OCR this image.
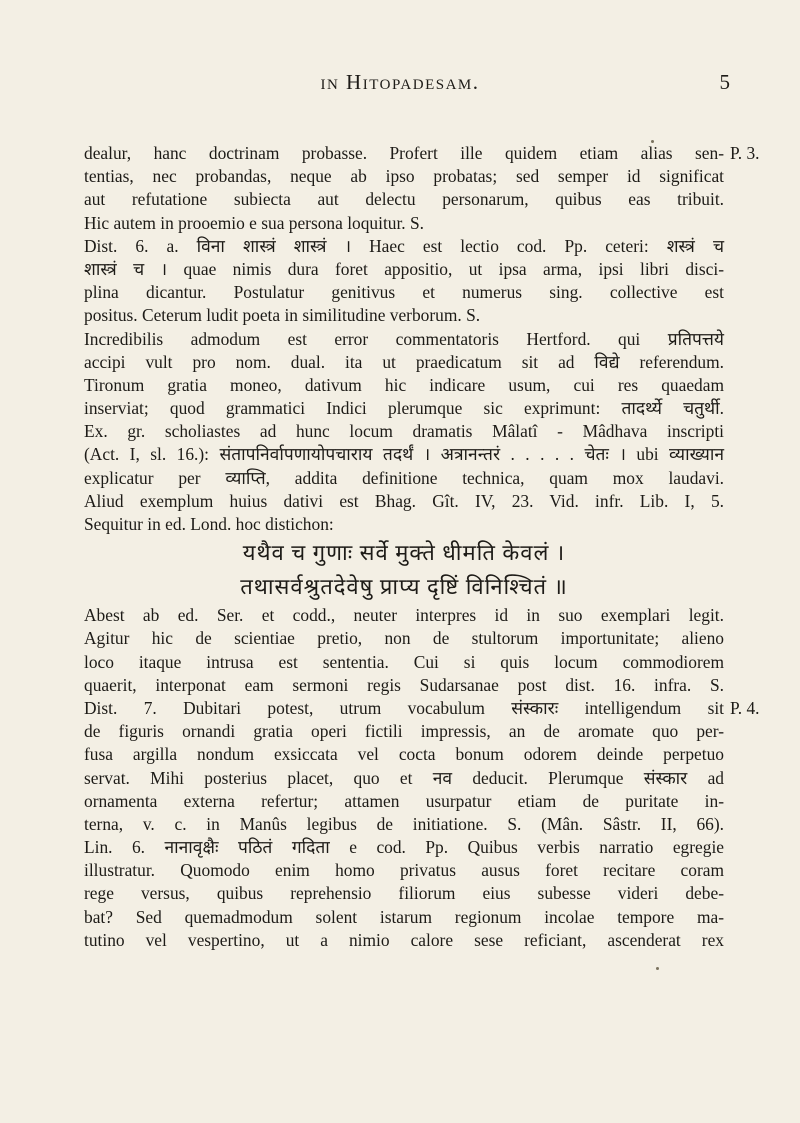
in Hitopadesam.	5
dealur, hanc doctrinam probasse. Profert ille quidem etiam alias sen- P. 3.
tentias, nec probandas, neque ab ipso probatas; sed semper id significat
aut refutatione subiecta aut delectu personarum, quibus eas tribuit.
Hic autem in prooemio e sua persona loquitur. S.
Dist. 6. a. विना शास्त्रं शास्त्रं । Haec est lectio cod. Pp. ceteri: शस्त्रं च
शास्त्रं च । quae nimis dura foret appositio, ut ipsa arma, ipsi libri disci-
plina dicantur. Postulatur genitivus et numerus sing. collective est
positus. Ceterum ludit poeta in similitudine verborum. S.
Incredibilis admodum est error commentatoris Hertford. qui प्रतिपत्तये
accipi vult pro nom. dual. ita ut praedicatum sit ad विद्ये referendum.
Tironum gratia moneo, dativum hic indicare usum, cui res quaedam
inserviat; quod grammatici Indici plerumque sic exprimunt: तादर्थ्ये चतुर्थी.
Ex. gr. scholiastes ad hunc locum dramatis Mâlatî - Mâdhava inscripti
(Act. I, sl. 16.): संतापनिर्वापणायोपचाराय तदर्थं । अत्रानन्तरं . . . . . चेतः । ubi व्याख्यान
explicatur per व्याप्ति, addita definitione technica, quam mox laudavi.
Aliud exemplum huius dativi est Bhag. Gît. IV, 23. Vid. infr. Lib. I, 5.
Sequitur in ed. Lond. hoc distichon:
यथैव च गुणाः सर्वे मुक्ते धीमति केवलं ।
तथासर्वश्रुतदेवेषु प्राप्य दृष्टिं विनिश्चितं ॥
Abest ab ed. Ser. et codd., neuter interpres id in suo exemplari legit.
Agitur hic de scientiae pretio, non de stultorum importunitate; alieno
loco itaque intrusa est sententia. Cui si quis locum commodiorem
quaerit, interponat eam sermoni regis Sudarsanae post dist. 16. infra. S.
Dist. 7. Dubitari potest, utrum vocabulum संस्कारः intelligendum sit P. 4.
de figuris ornandi gratia operi fictili impressis, an de aromate quo per-
fusa argilla nondum exsiccata vel cocta bonum odorem deinde perpetuo
servat. Mihi posterius placet, quo et नव deducit. Plerumque संस्कार ad
ornamenta externa refertur; attamen usurpatur etiam de puritate in-
terna, v. c. in Manûs legibus de initiatione. S. (Mân. Sâstr. II, 66).
Lin. 6. नानावृक्षैः पठितं गदिता e cod. Pp. Quibus verbis narratio egregie
illustratur. Quomodo enim homo privatus ausus foret recitare coram
rege versus, quibus reprehensio filiorum eius subesse videri debe-
bat? Sed quemadmodum solent istarum regionum incolae tempore ma-
tutino vel vespertino, ut a nimio calore sese reficiant, ascenderat rex
